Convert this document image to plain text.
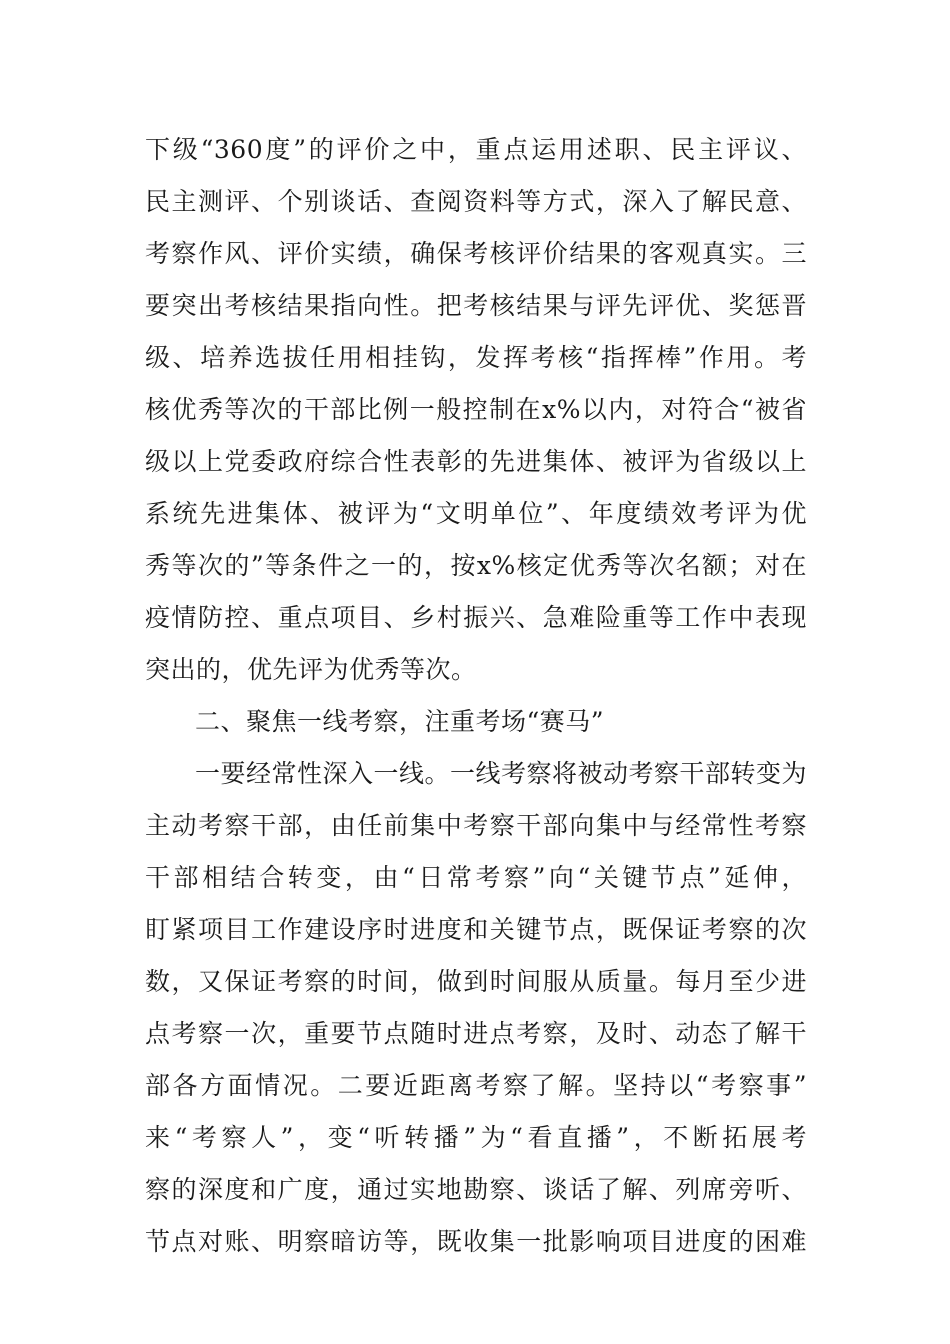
下级“360度”的评价之中，重点运用述职、民主评议、
民主测评、个别谈话、查阅资料等方式，深入了解民意、
考察作风、评价实绩，确保考核评价结果的客观真实。三
要突出考核结果指向性。把考核结果与评先评优、奖惩晋
级、培养选拔任用相挂钩，发挥考核“指挥棒”作用。考
核优秀等次的干部比例一般控制在x%以内，对符合“被省
级以上党委政府综合性表彰的先进集体、被评为省级以上
系统先进集体、被评为“文明单位”、年度绩效考评为优
秀等次的”等条件之一的，按x%核定优秀等次名额；对在
疫情防控、重点项目、乡村振兴、急难险重等工作中表现
突出的，优先评为优秀等次。
二、聚焦一线考察，注重考场“赛马”
一要经常性深入一线。一线考察将被动考察干部转变为
主动考察干部，由任前集中考察干部向集中与经常性考察
干部相结合转变，由“日常考察”向“关键节点”延伸，
盯紧项目工作建设序时进度和关键节点，既保证考察的次
数，又保证考察的时间，做到时间服从质量。每月至少进
点考察一次，重要节点随时进点考察，及时、动态了解干
部各方面情况。二要近距离考察了解。坚持以“考察事”
来“考察人”，变“听转播”为“看直播”，不断拓展考
察的深度和广度，通过实地勘察、谈话了解、列席旁听、
节点对账、明察暗访等，既收集一批影响项目进度的困难
